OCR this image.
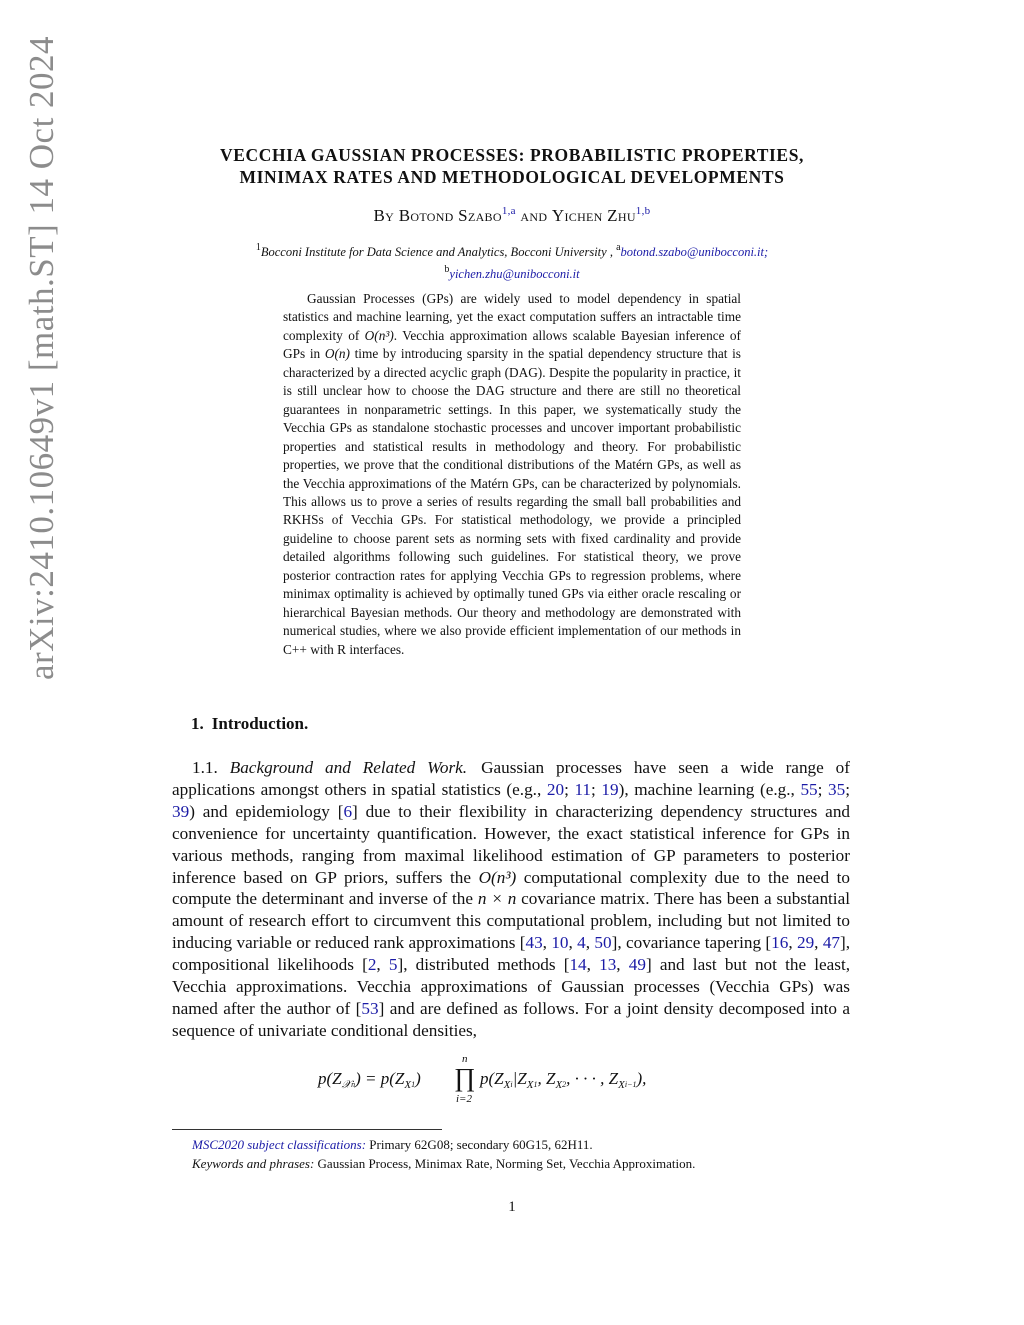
arXiv:2410.10649v1 [math.ST] 14 Oct 2024	VECCHIA GAUSSIAN PROCESSES: PROBABILISTIC PROPERTIES,
MINIMAX RATES AND METHODOLOGICAL DEVELOPMENTS
By Botond Szabo$^{1,a}$ and Yichen Zhu$^{1,b}$
$^1$Bocconi Institute for Data Science and Analytics, Bocconi University , $^a$botond.szabo@unibocconi.it;
$^b$yichen.zhu@unibocconi.it

Gaussian Processes (GPs) are widely used to model dependency in spatial statistics and machine learning, yet the exact computation suffers an intractable time complexity of O(n³). Vecchia approximation allows scalable Bayesian inference of GPs in O(n) time by introducing sparsity in the spatial dependency structure that is characterized by a directed acyclic graph (DAG). Despite the popularity in practice, it is still unclear how to choose the DAG structure and there are still no theoretical guarantees in nonparametric settings. In this paper, we systematically study the Vecchia GPs as standalone stochastic processes and uncover important probabilistic properties and statistical results in methodology and theory. For probabilistic properties, we prove that the conditional distributions of the Matérn GPs, as well as the Vecchia approximations of the Matérn GPs, can be characterized by polynomials. This allows us to prove a series of results regarding the small ball probabilities and RKHSs of Vecchia GPs. For statistical methodology, we provide a principled guideline to choose parent sets as norming sets with fixed cardinality and provide detailed algorithms following such guidelines. For statistical theory, we prove posterior contraction rates for applying Vecchia GPs to regression problems, where minimax optimality is achieved by optimally tuned GPs via either oracle rescaling or hierarchical Bayesian methods. Our theory and methodology are demonstrated with numerical studies, where we also provide efficient implementation of our methods in C++ with R interfaces.

1. Introduction.

1.1. Background and Related Work. Gaussian processes have seen a wide range of applications amongst others in spatial statistics (e.g., 20; 11; 19), machine learning (e.g., 55; 35; 39) and epidemiology [6] due to their flexibility in characterizing dependency structures and convenience for uncertainty quantification. However, the exact statistical inference for GPs in various methods, ranging from maximal likelihood estimation of GP parameters to posterior inference based on GP priors, suffers the O(n³) computational complexity due to the need to compute the determinant and inverse of the n × n covariance matrix. There has been a substantial amount of research effort to circumvent this computational problem, including but not limited to inducing variable or reduced rank approximations [43, 10, 4, 50], covariance tapering [16, 29, 47], compositional likelihoods [2, 5], distributed methods [14, 13, 49] and last but not the least, Vecchia approximations. Vecchia approximations of Gaussian processes (Vecchia GPs) was named after the author of [53] and are defined as follows. For a joint density decomposed into a sequence of univariate conditional densities,

$p(Z_𝒳n) = p(Z_X1)$
n
∏
i=2
$p(Z_Xi|Z_X1$, $Z_X2$, · · · , $Z_Xi-1$),
MSC2020 subject classifications: Primary 62G08; secondary 60G15, 62H11.
Keywords and phrases: Gaussian Process, Minimax Rate, Norming Set, Vecchia Approximation.
1
